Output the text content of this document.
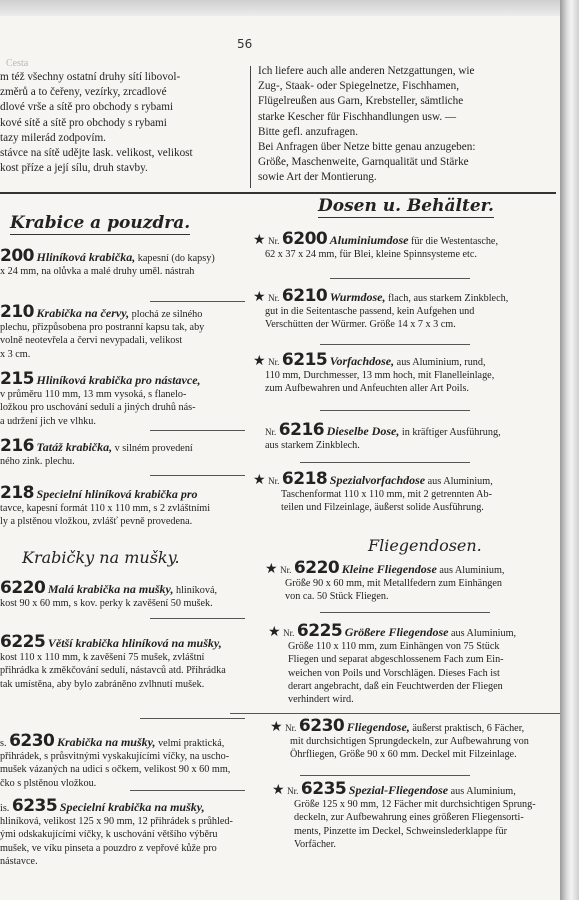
56
Cesta
m též všechny ostatní druhy sítí libovol-
změrů a to čeřeny, vezírky, zrcadlové
dlové vrše a sítě pro obchody s rybami
kové sítě a sítě pro obchody s rybami
tazy milerád zodpovím.
stávce na sítě udějte lask. velikost, velikost
kost příze a její sílu, druh stavby.
Ich liefere auch alle anderen Netzgattungen, wie
Zug-, Staak- oder Spiegelnetze, Fischhamen,
Flügelreußen aus Garn, Krebsteller, sämtliche
starke Kescher für Fischhandlungen usw. —
Bitte gefl. anzufragen.
Bei Anfragen über Netze bitte genau anzugeben:
Größe, Maschenweite, Garnqualität und Stärke
sowie Art der Montierung.
Krabice a pouzdra.
Dosen u. Behälter.
200 Hliníková krabička, kapesní (do kapsy)
x 24 mm, na olůvka a malé druhy uměl. nástrah
210 Krabička na červy, plochá ze silného
plechu, přizpůsobena pro postranní kapsu tak, aby
volně neotevřela a červi nevypadali, velikost
x 3 cm.
215 Hliníková krabička pro nástavce,
v průměru 110 mm, 13 mm vysoká, s flanelo-
ložkou pro uschování sedulí a jiných druhů nás-
a udržení jich ve vlhku.
216 Tatáž krabička, v silném provedení
ného zink. plechu.
218 Specielní hliníková krabička pro
tavce, kapesní formát 110 x 110 mm, s 2 zvláštními
ly a plstěnou vložkou, zvlášť pevně provedena.
★ Nr. 6200 Aluminiumdose für die Westentasche,
62 x 37 x 24 mm, für Blei, kleine Spinnsysteme etc.
★ Nr. 6210 Wurmdose, flach, aus starkem Zinkblech,
gut in die Seitentasche passend, kein Aufgehen und
Verschütten der Würmer. Größe 14 x 7 x 3 cm.
★ Nr. 6215 Vorfachdose, aus Aluminium, rund,
110 mm, Durchmesser, 13 mm hoch, mit Flanelleinlage,
zum Aufbewahren und Anfeuchten aller Art Poils.
Nr. 6216 Dieselbe Dose, in kräftiger Ausführung,
aus starkem Zinkblech.
★ Nr. 6218 Spezialvorfachdose aus Aluminium,
Taschenformat 110 x 110 mm, mit 2 getrennten Ab-
teilen und Filzeinlage, äußerst solide Ausführung.
Krabičky na mušky.
Fliegendosen.
6220 Malá krabička na mušky, hliníková,
kost 90 x 60 mm, s kov. perky k zavěšení 50 mušek.
6225 Větší krabička hliníková na mušky,
kost 110 x 110 mm, k zavěšení 75 mušek, zvláštní
přihrádka k změkčování sedulí, nástavců atd. Přihrádka
tak umístěna, aby bylo zabráněno zvlhnutí mušek.
s. 6230 Krabička na mušky, velmi praktická,
přihrádek, s průsvitnými vyskakujícími víčky, na uscho-
mušek vázaných na udici s očkem, velikost 90 x 60 mm,
čko s plstěnou vložkou.
is. 6235 Specielní krabička na mušky,
hliníková, velikost 125 x 90 mm, 12 přihrádek s průhled-
ými odskakujícími víčky, k uschování většího výběru
mušek, ve víku pinseta a pouzdro z vepřové kůže pro
nástavce.
★ Nr. 6220 Kleine Fliegendose aus Aluminium,
Größe 90 x 60 mm, mit Metallfedern zum Einhängen
von ca. 50 Stück Fliegen.
★ Nr. 6225 Größere Fliegendose aus Aluminium,
Größe 110 x 110 mm, zum Einhängen von 75 Stück
Fliegen und separat abgeschlossenem Fach zum Ein-
weichen von Poils und Vorschlägen. Dieses Fach ist
derart angebracht, daß ein Feuchtwerden der Fliegen
verhindert wird.
★ Nr. 6230 Fliegendose, äußerst praktisch, 6 Fächer,
mit durchsichtigen Sprungdeckeln, zur Aufbewahrung von
Öhrfliegen, Größe 90 x 60 mm. Deckel mit Filzeinlage.
★ Nr. 6235 Spezial-Fliegendose aus Aluminium,
Größe 125 x 90 mm, 12 Fächer mit durchsichtigen Sprung-
deckeln, zur Aufbewahrung eines größeren Fliegensorti-
ments, Pinzette im Deckel, Schweinslederklappe für
Vorfächer.
